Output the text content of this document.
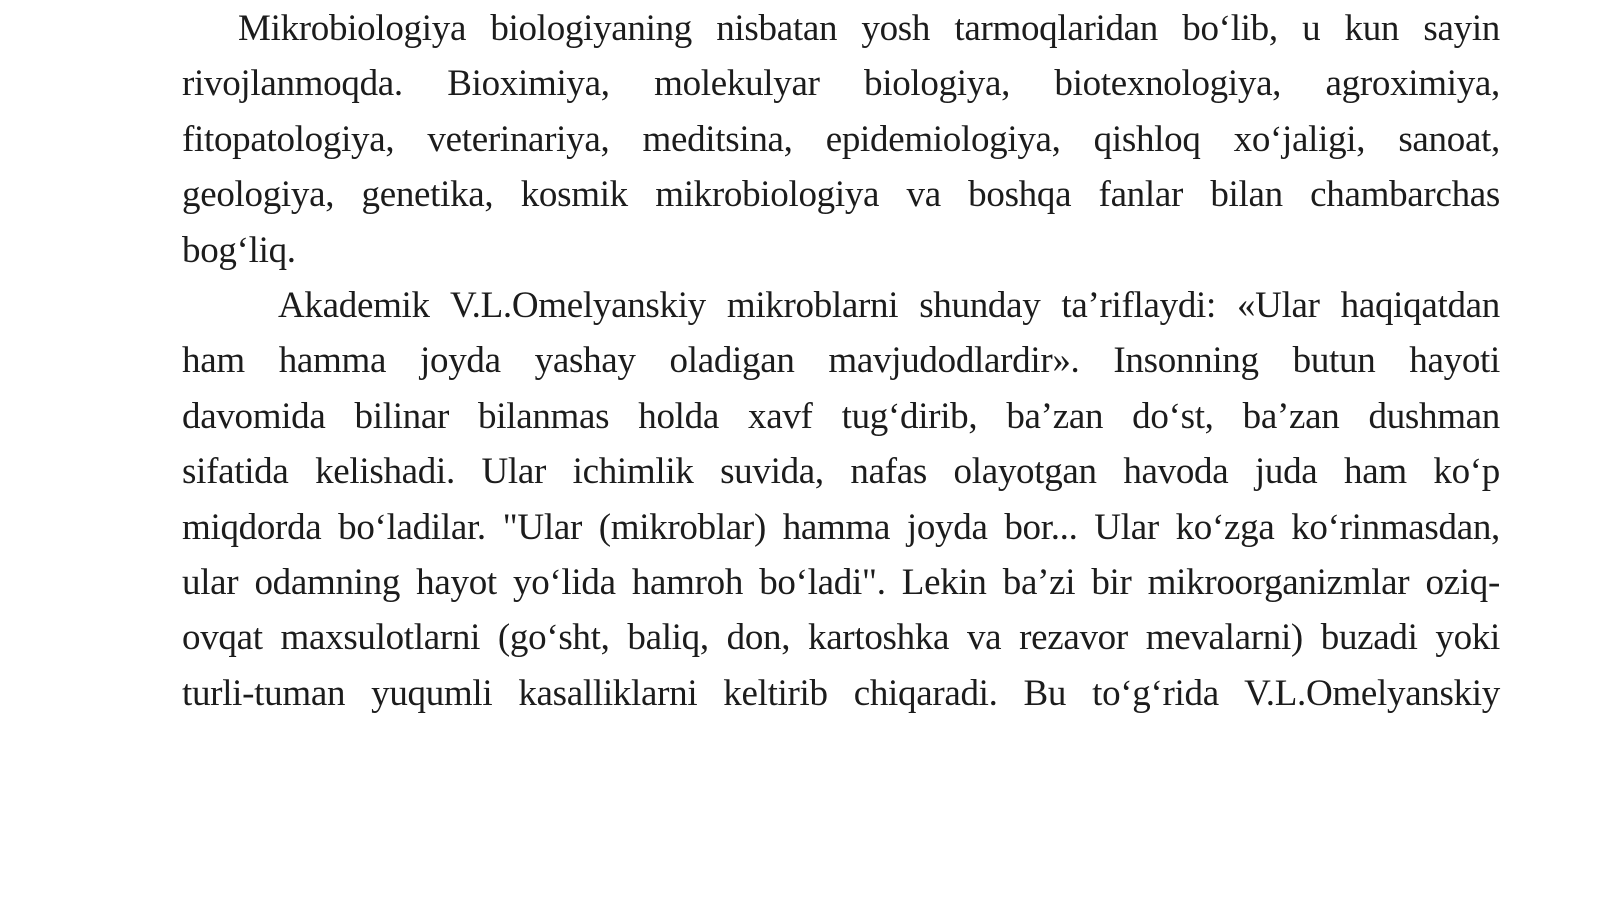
Mikrobiologiya biologiyaning nisbatan yosh tarmoqlaridan bo‘lib, u kun sayin
rivojlanmoqda. Bioximiya, molekulyar biologiya, biotexnologiya, agroximiya,
fitopatologiya, veterinariya, meditsina, epidemiologiya, qishloq xo‘jaligi, sanoat,
geologiya, genetika, kosmik mikrobiologiya va boshqa fanlar bilan chambarchas
bog‘liq.
Akademik V.L.Omelyanskiy mikroblarni shunday ta’riflaydi: «Ular haqiqatdan
ham hamma joyda yashay oladigan mavjudodlardir». Insonning butun hayoti
davomida bilinar bilanmas holda xavf tug‘dirib, ba’zan do‘st, ba’zan dushman
sifatida kelishadi. Ular ichimlik suvida, nafas olayotgan havoda juda ham ko‘p
miqdorda bo‘ladilar. "Ular (mikroblar) hamma joyda bor... Ular ko‘zga ko‘rinmasdan,
ular odamning hayot yo‘lida hamroh bo‘ladi". Lekin ba’zi bir mikroorganizmlar oziq-
ovqat maxsulotlarni (go‘sht, baliq, don, kartoshka va rezavor mevalarni) buzadi yoki
turli-tuman yuqumli kasalliklarni keltirib chiqaradi. Bu to‘g‘rida V.L.Omelyanskiy
